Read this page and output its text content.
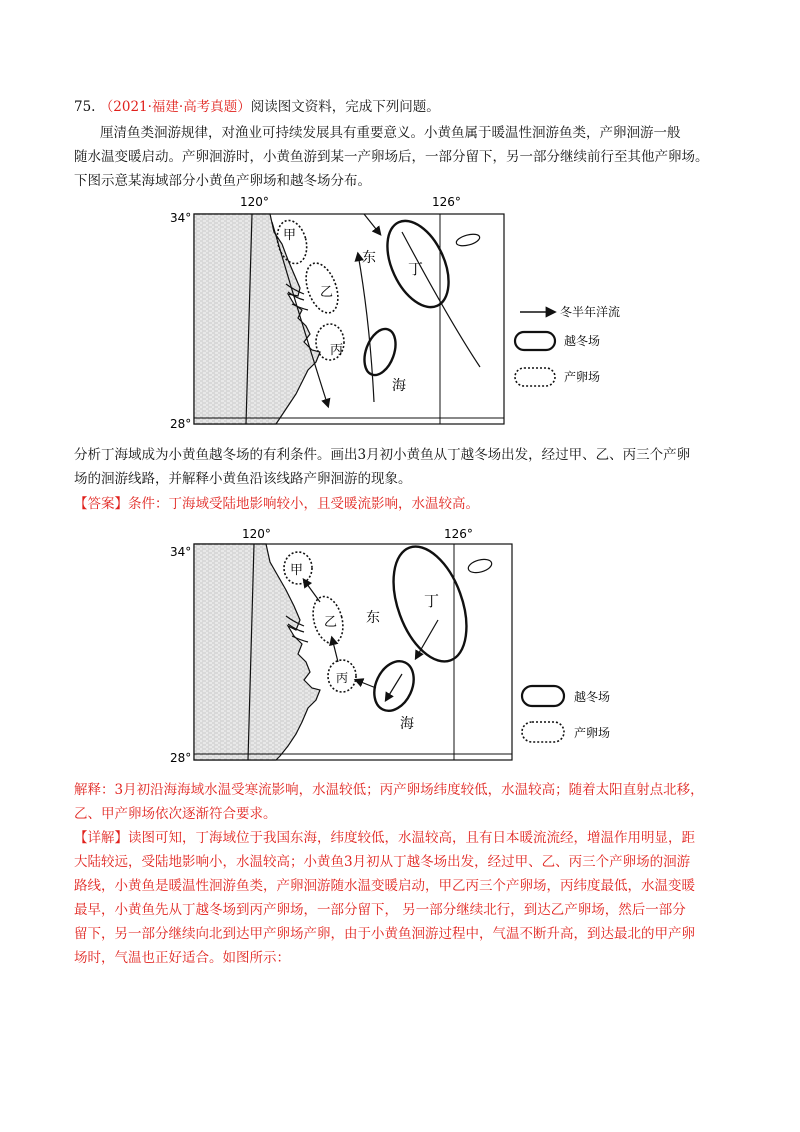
75. （2021·福建·高考真题）阅读图文资料，完成下列问题。
厘清鱼类洄游规律，对渔业可持续发展具有重要意义。小黄鱼属于暖温性洄游鱼类，产卵洄游一般
随水温变暖启动。产卵洄游时，小黄鱼游到某一产卵场后，一部分留下，另一部分继续前行至其他产卵场。
下图示意某海域部分小黄鱼产卵场和越冬场分布。
120°	126°
34°
28°
甲
乙
丙
丁
东
海
冬半年洋流
越冬场
产卵场
分析丁海域成为小黄鱼越冬场的有利条件。画出3月初小黄鱼从丁越冬场出发，经过甲、乙、丙三个产卵
场的洄游线路，并解释小黄鱼沿该线路产卵洄游的现象。
【答案】条件：丁海域受陆地影响较小，且受暖流影响，水温较高。
120°	126°
34°
28°
甲
乙
丙
丁
东
海
越冬场
产卵场
解释：3月初沿海海域水温受寒流影响，水温较低；丙产卵场纬度较低，水温较高；随着太阳直射点北移，
乙、甲产卵场依次逐渐符合要求。
【详解】读图可知，丁海域位于我国东海，纬度较低，水温较高，且有日本暖流流经，增温作用明显，距
大陆较远，受陆地影响小，水温较高；小黄鱼3月初从丁越冬场出发，经过甲、乙、丙三个产卵场的洄游
路线，小黄鱼是暖温性洄游鱼类，产卵洄游随水温变暖启动，甲乙丙三个产卵场，丙纬度最低，水温变暖
最早，小黄鱼先从丁越冬场到丙产卵场，一部分留下， 另一部分继续北行，到达乙产卵场，然后一部分
留下，另一部分继续向北到达甲产卵场产卵，由于小黄鱼洄游过程中，气温不断升高，到达最北的甲产卵
场时，气温也正好适合。如图所示：
